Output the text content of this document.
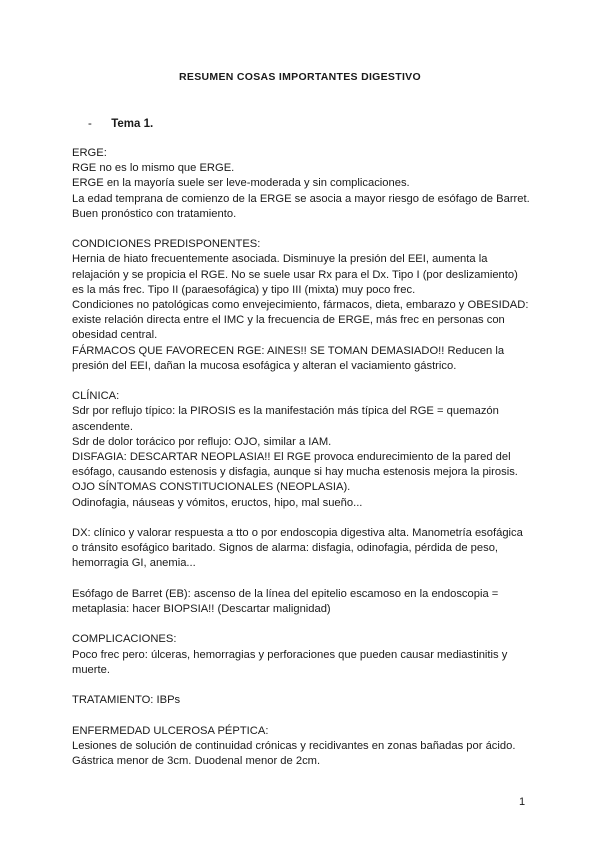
RESUMEN COSAS IMPORTANTES DIGESTIVO
- Tema 1.
ERGE:
RGE no es lo mismo que ERGE.
ERGE en la mayoría suele ser leve-moderada y sin complicaciones.
La edad temprana de comienzo de la ERGE se asocia a mayor riesgo de esófago de Barret.
Buen pronóstico con tratamiento.
CONDICIONES PREDISPONENTES:
Hernia de hiato frecuentemente asociada. Disminuye la presión del EEI, aumenta la
relajación y se propicia el RGE. No se suele usar Rx para el Dx. Tipo I (por deslizamiento)
es la más frec. Tipo II (paraesofágica) y tipo III (mixta) muy poco frec.
Condiciones no patológicas como envejecimiento, fármacos, dieta, embarazo y OBESIDAD:
existe relación directa entre el IMC y la frecuencia de ERGE, más frec en personas con
obesidad central.
FÁRMACOS QUE FAVORECEN RGE: AINES!! SE TOMAN DEMASIADO!! Reducen la
presión del EEI, dañan la mucosa esofágica y alteran el vaciamiento gástrico.
CLÍNICA:
Sdr por reflujo típico: la PIROSIS es la manifestación más típica del RGE = quemazón
ascendente.
Sdr de dolor torácico por reflujo: OJO, similar a IAM.
DISFAGIA: DESCARTAR NEOPLASIA!! El RGE provoca endurecimiento de la pared del
esófago, causando estenosis y disfagia, aunque si hay mucha estenosis mejora la pirosis.
OJO SÍNTOMAS CONSTITUCIONALES (NEOPLASIA).
Odinofagia, náuseas y vómitos, eructos, hipo, mal sueño...
DX: clínico y valorar respuesta a tto o por endoscopia digestiva alta. Manometría esofágica
o tránsito esofágico baritado. Signos de alarma: disfagia, odinofagia, pérdida de peso,
hemorragia GI, anemia...
Esófago de Barret (EB): ascenso de la línea del epitelio escamoso en la endoscopia =
metaplasia: hacer BIOPSIA!! (Descartar malignidad)
COMPLICACIONES:
Poco frec pero: úlceras, hemorragias y perforaciones que pueden causar mediastinitis y
muerte.
TRATAMIENTO: IBPs
ENFERMEDAD ULCEROSA PÉPTICA:
Lesiones de solución de continuidad crónicas y recidivantes en zonas bañadas por ácido.
Gástrica menor de 3cm. Duodenal menor de 2cm.
1
